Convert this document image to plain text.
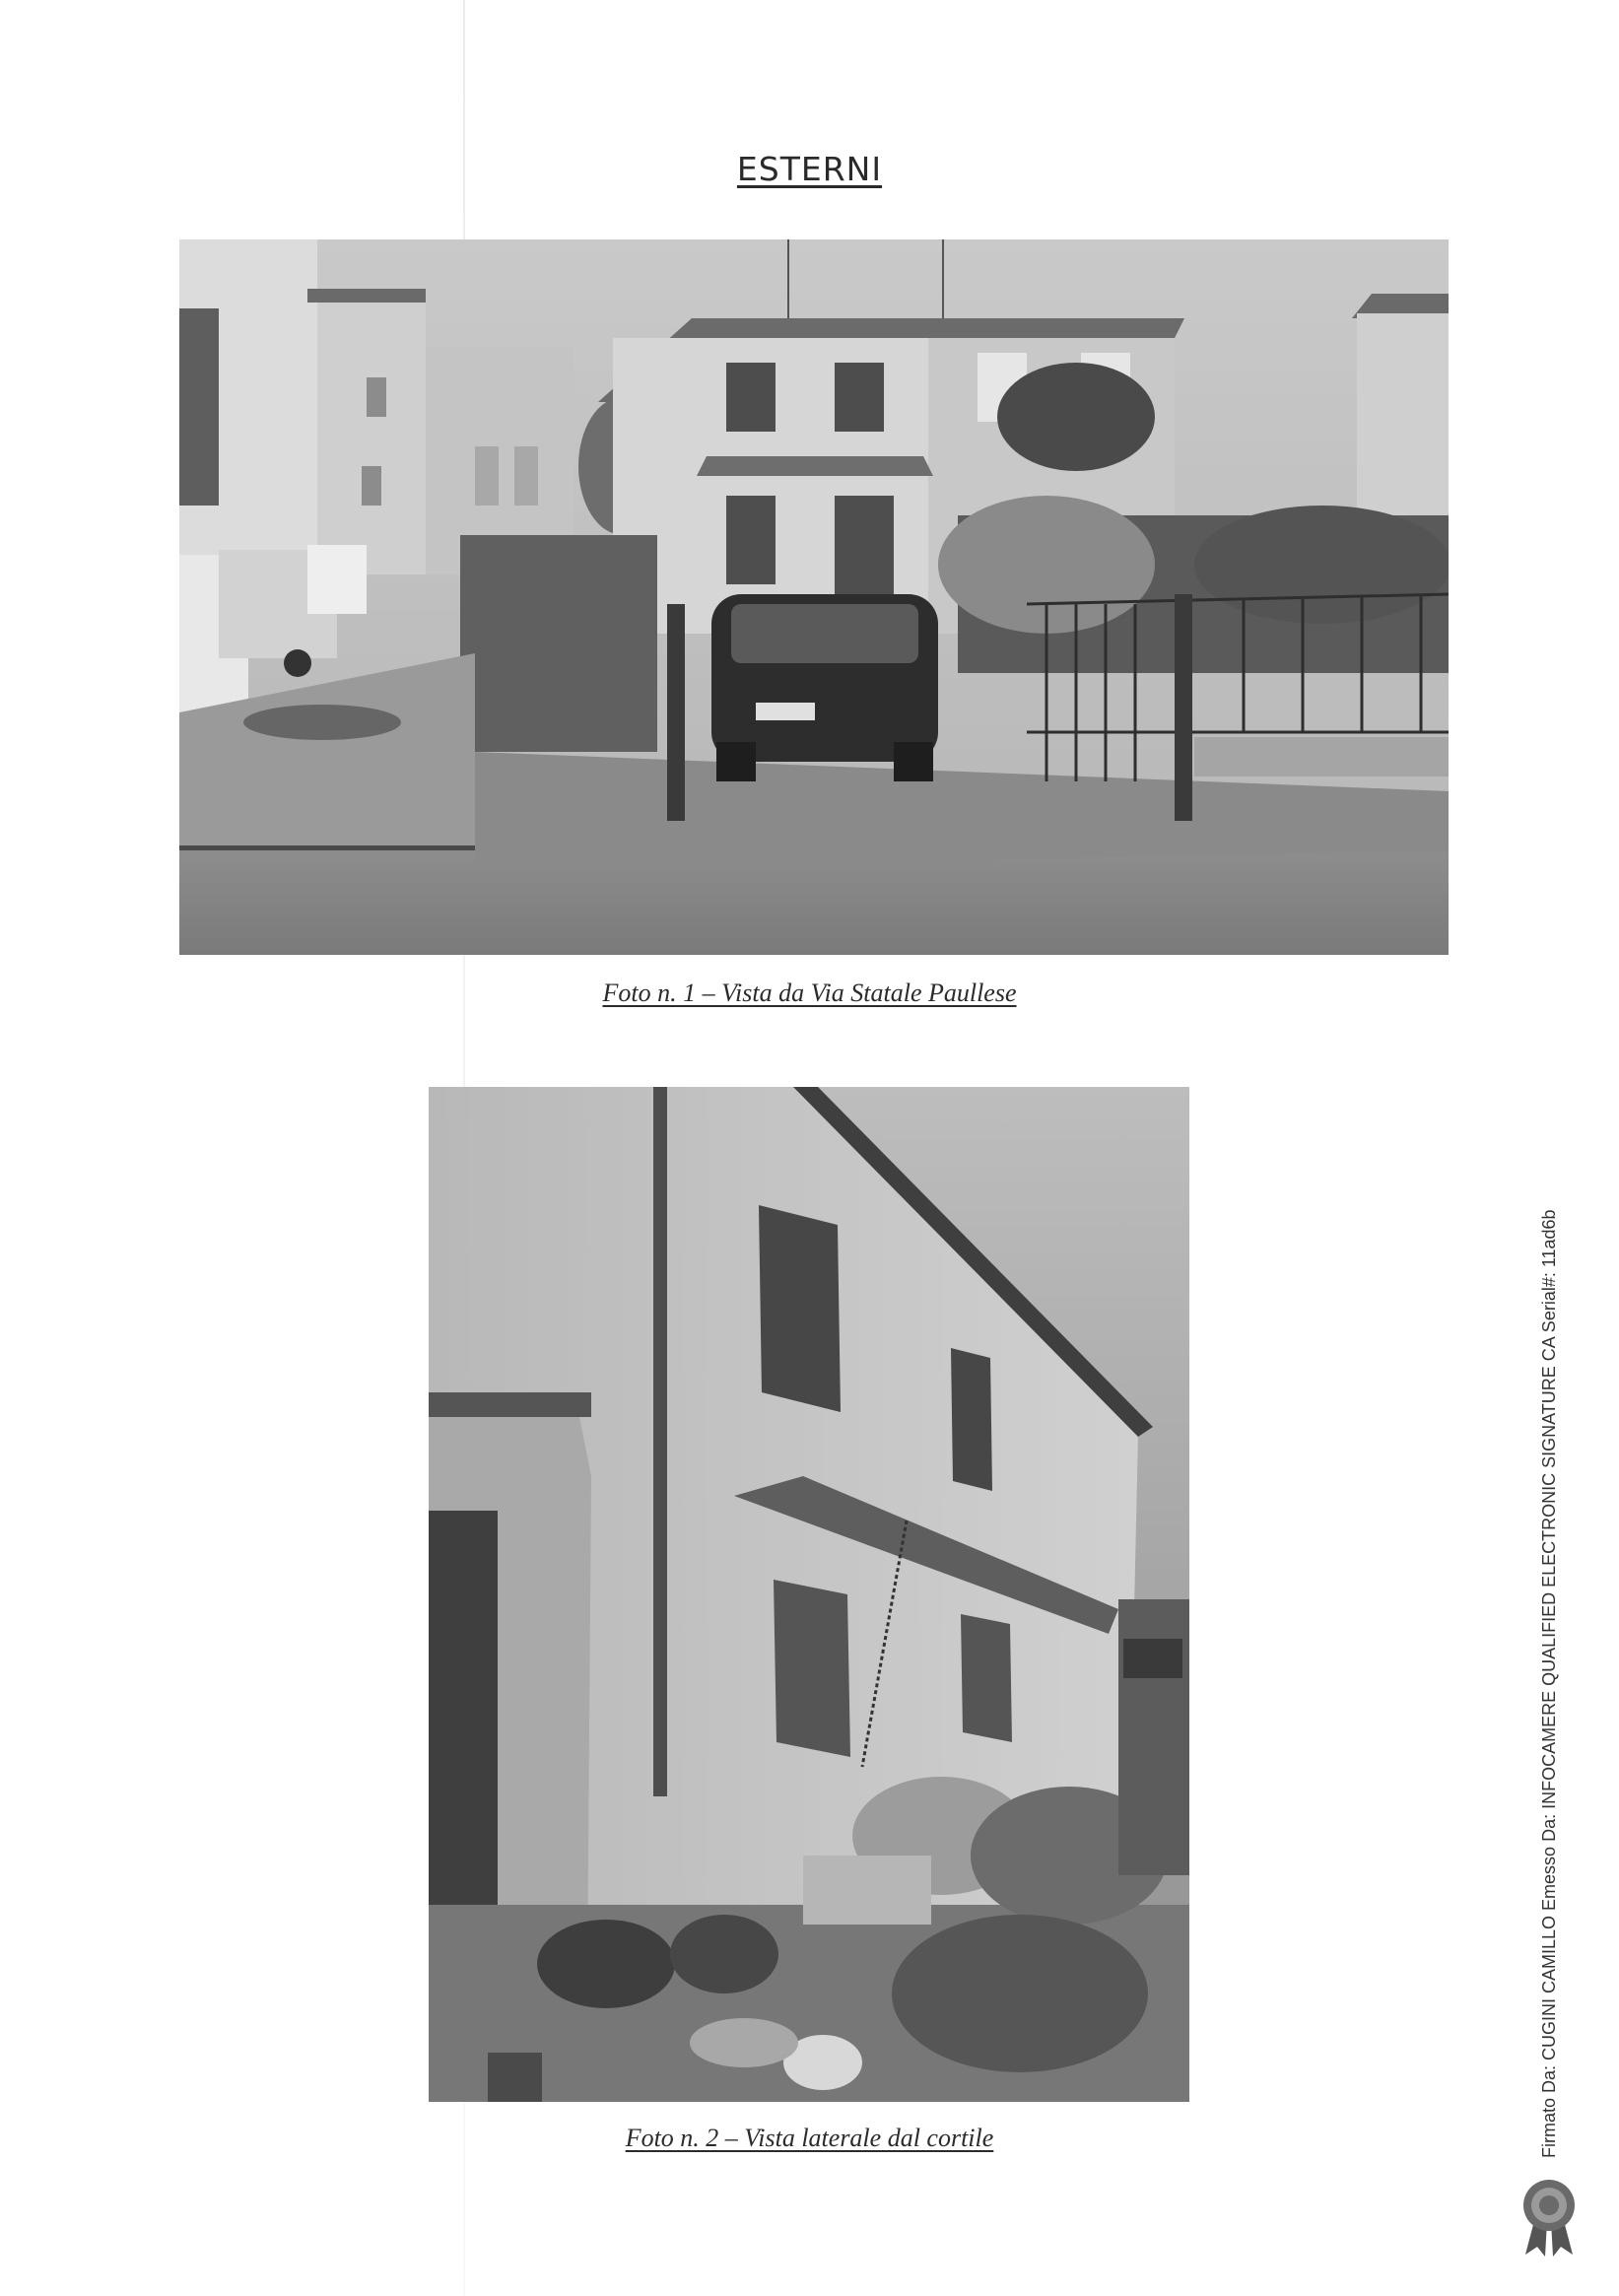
ESTERNI
Foto n. 1 – Vista da Via Statale Paullese
Foto n. 2 – Vista laterale dal cortile	Firmato Da: CUGINI CAMILLO Emesso Da: INFOCAMERE QUALIFIED ELECTRONIC SIGNATURE CA Serial#: 11ad6b
